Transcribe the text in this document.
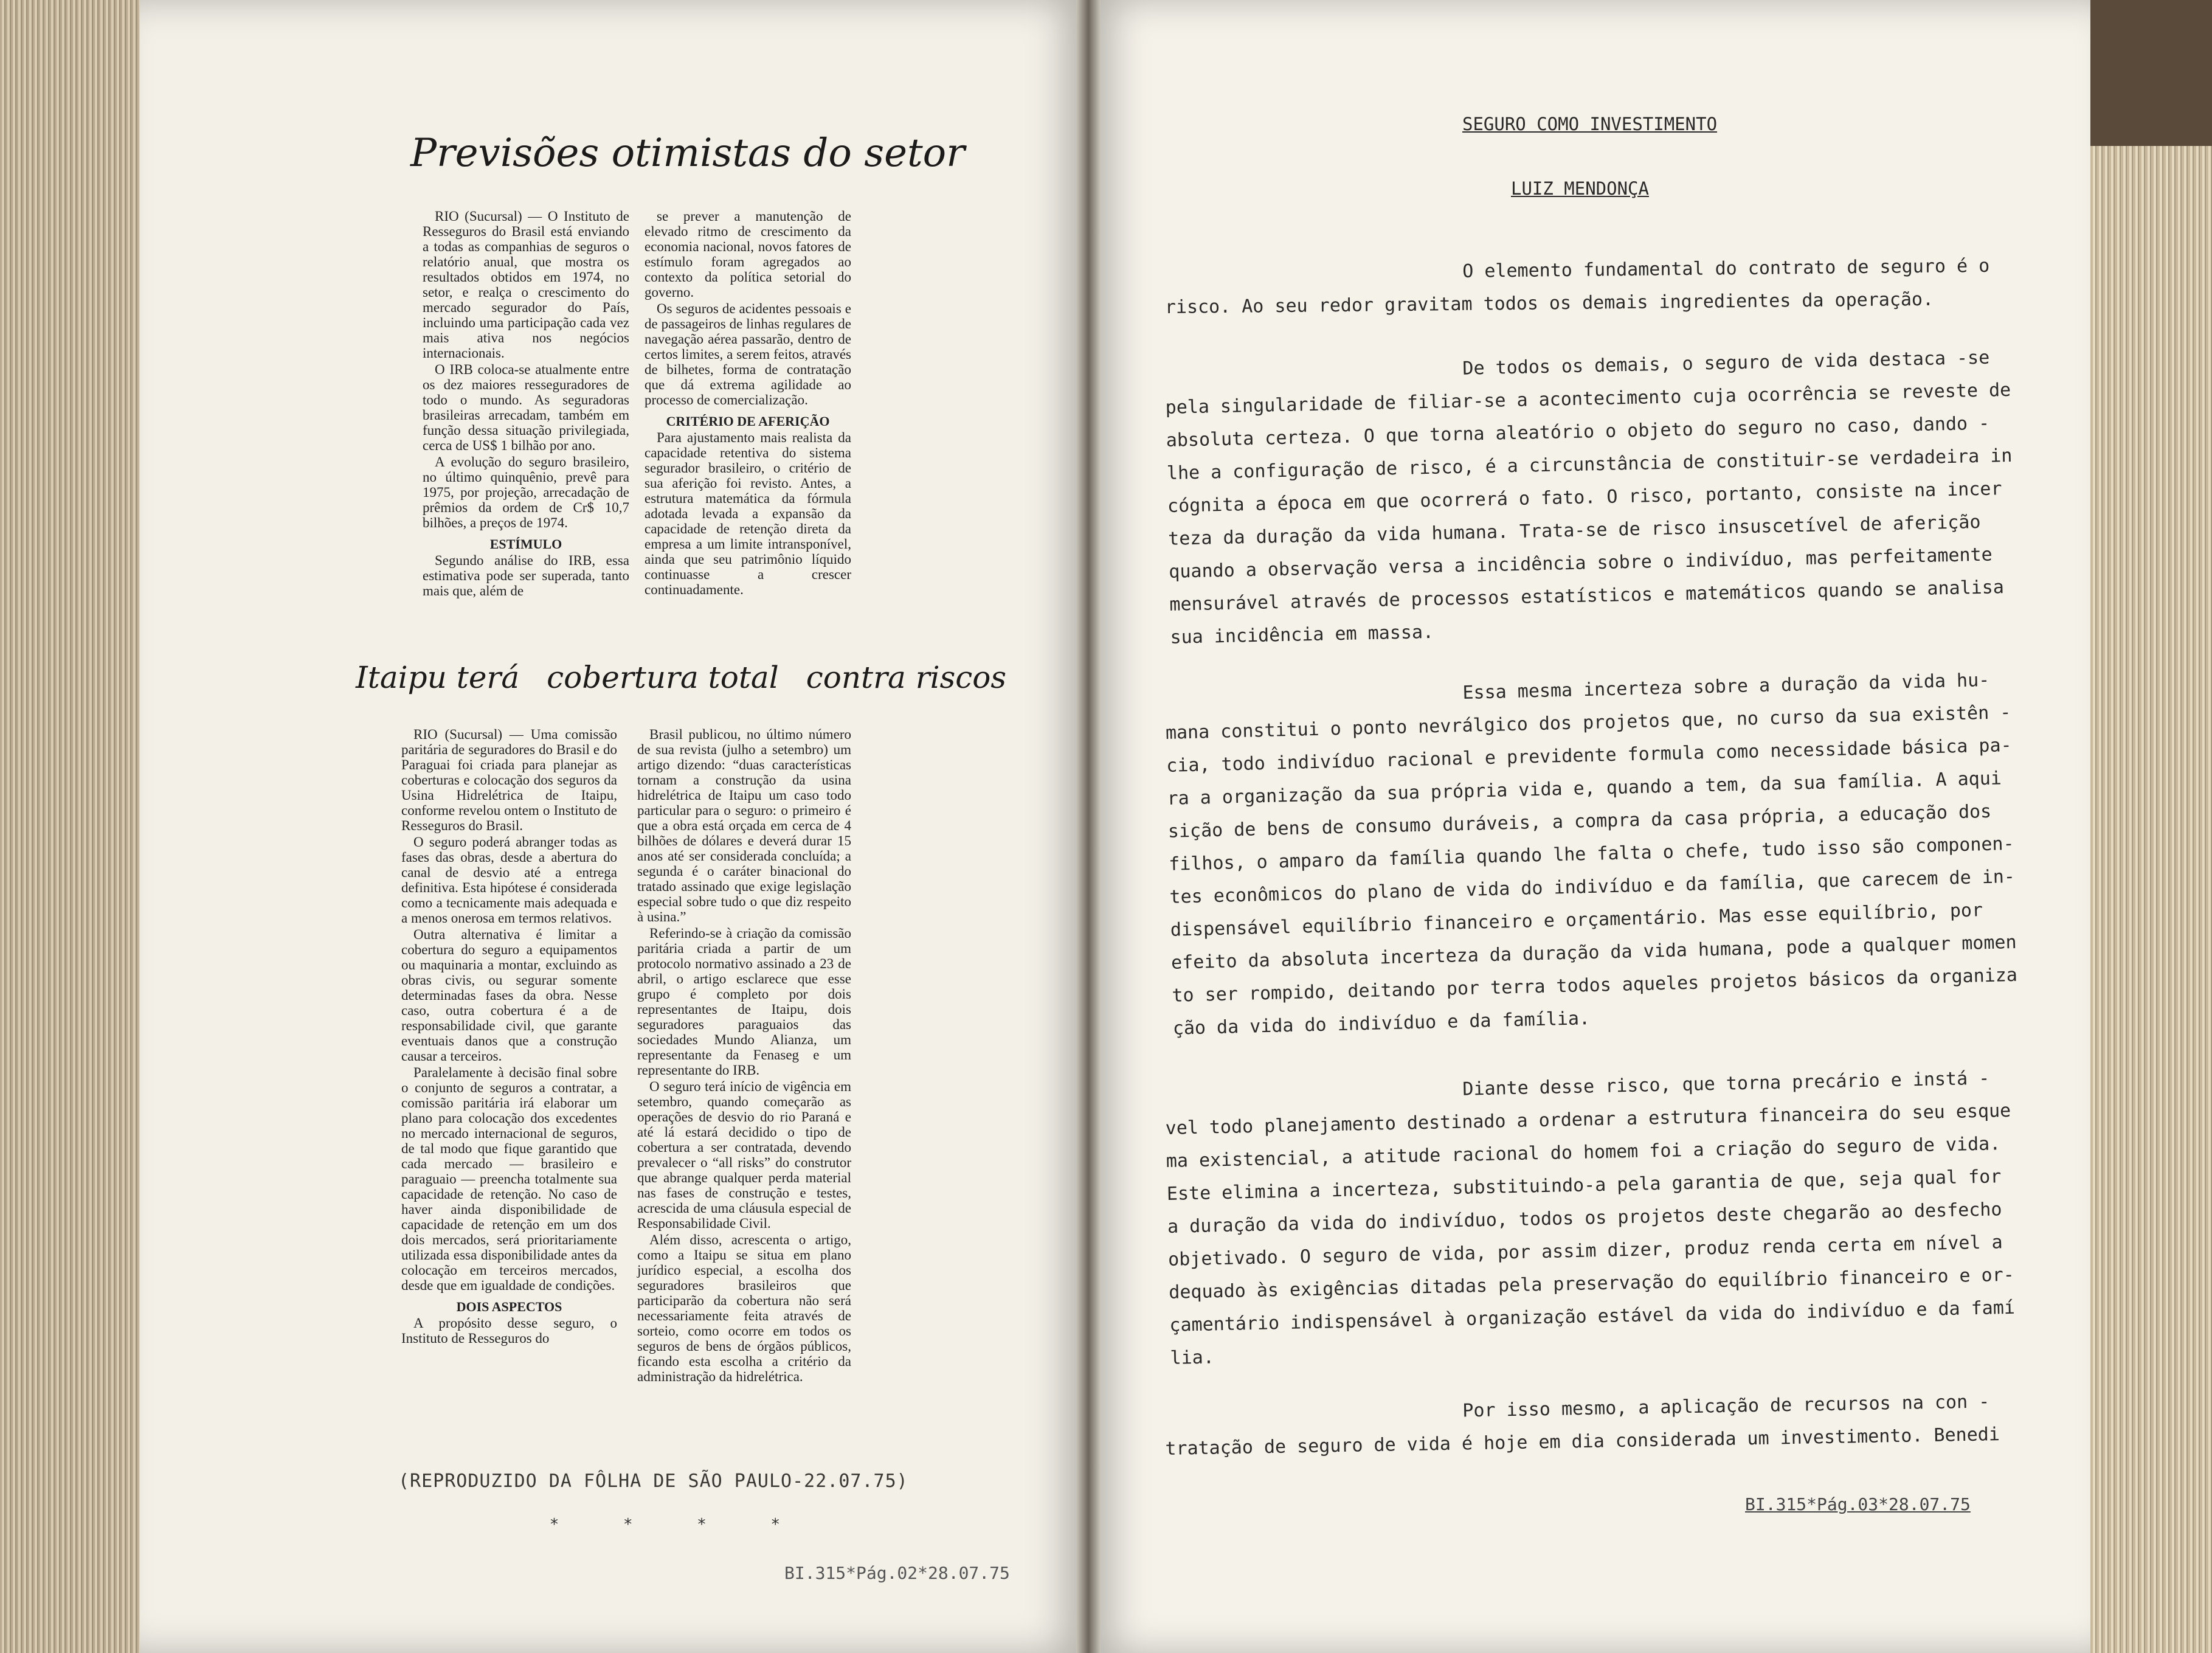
Previsões otimistas do setor

RIO (Sucursal) — O Instituto de Resseguros do Brasil está enviando a todas as companhias de seguros o relatório anual, que mostra os resultados obtidos em 1974, no setor, e realça o crescimento do mercado segurador do País, incluindo uma participação cada vez mais ativa nos negócios internacionais.

O IRB coloca-se atualmente entre os dez maiores resseguradores de todo o mundo. As seguradoras brasileiras arrecadam, também em função dessa situação privilegiada, cerca de US$ 1 bilhão por ano.

A evolução do seguro brasileiro, no último quinquênio, prevê para 1975, por projeção, arrecadação de prêmios da ordem de Cr$ 10,7 bilhões, a preços de 1974.

ESTÍMULO

Segundo análise do IRB, essa estimativa pode ser superada, tanto mais que, além de

se prever a manutenção de elevado ritmo de crescimento da economia nacional, novos fatores de estímulo foram agregados ao contexto da política setorial do governo.

Os seguros de acidentes pessoais e de passageiros de linhas regulares de navegação aérea passarão, dentro de certos limites, a serem feitos, através de bilhetes, forma de contratação que dá extrema agilidade ao processo de comercialização.

CRITÉRIO DE AFERIÇÃO

Para ajustamento mais realista da capacidade retentiva do sistema segurador brasileiro, o critério de sua aferição foi revisto. Antes, a estrutura matemática da fórmula adotada levada a expansão da capacidade de retenção direta da empresa a um limite intransponível, ainda que seu patrimônio líquido continuasse a crescer continuadamente.

Itaipu terá cobertura total contra riscos

RIO (Sucursal) — Uma comissão paritária de seguradores do Brasil e do Paraguai foi criada para planejar as coberturas e colocação dos seguros da Usina Hidrelétrica de Itaipu, conforme revelou ontem o Instituto de Resseguros do Brasil.

O seguro poderá abranger todas as fases das obras, desde a abertura do canal de desvio até a entrega definitiva. Esta hipótese é considerada como a tecnicamente mais adequada e a menos onerosa em termos relativos.

Outra alternativa é limitar a cobertura do seguro a equipamentos ou maquinaria a montar, excluindo as obras civis, ou segurar somente determinadas fases da obra. Nesse caso, outra cobertura é a de responsabilidade civil, que garante eventuais danos que a construção causar a terceiros.

Paralelamente à decisão final sobre o conjunto de seguros a contratar, a comissão paritária irá elaborar um plano para colocação dos excedentes no mercado internacional de seguros, de tal modo que fique garantido que cada mercado — brasileiro e paraguaio — preencha totalmente sua capacidade de retenção. No caso de haver ainda disponibilidade de capacidade de retenção em um dos dois mercados, será prioritariamente utilizada essa disponibilidade antes da colocação em terceiros mercados, desde que em igualdade de condições.

DOIS ASPECTOS

A propósito desse seguro, o Instituto de Resseguros do

Brasil publicou, no último número de sua revista (julho a setembro) um artigo dizendo: “duas características tornam a construção da usina hidrelétrica de Itaipu um caso todo particular para o seguro: o primeiro é que a obra está orçada em cerca de 4 bilhões de dólares e deverá durar 15 anos até ser considerada concluída; a segunda é o caráter binacional do tratado assinado que exige legislação especial sobre tudo o que diz respeito à usina.”

Referindo-se à criação da comissão paritária criada a partir de um protocolo normativo assinado a 23 de abril, o artigo esclarece que esse grupo é completo por dois representantes de Itaipu, dois seguradores paraguaios das sociedades Mundo Alianza, um representante da Fenaseg e um representante do IRB.

O seguro terá início de vigência em setembro, quando começarão as operações de desvio do rio Paraná e até lá estará decidido o tipo de cobertura a ser contratada, devendo prevalecer o “all risks” do construtor que abrange qualquer perda material nas fases de construção e testes, acrescida de uma cláusula especial de Responsabilidade Civil.

Além disso, acrescenta o artigo, como a Itaipu se situa em plano jurídico especial, a escolha dos seguradores brasileiros que participarão da cobertura não será necessariamente feita através de sorteio, como ocorre em todos os seguros de bens de órgãos públicos, ficando esta escolha a critério da administração da hidrelétrica.

(REPRODUZIDO DA FÔLHA DE SÃO PAULO-22.07.75)
* * * *
BI.315*Pág.02*28.07.75
SEGURO COMO INVESTIMENTO
LUIZ MENDONÇA
O elemento fundamental do contrato de seguro é o
risco. Ao seu redor gravitam todos os demais ingredientes da operação.
De todos os demais, o seguro de vida destaca -se
pela singularidade de filiar-se a acontecimento cuja ocorrência se reveste de
absoluta certeza. O que torna aleatório o objeto do seguro no caso, dando -
lhe a configuração de risco, é a circunstância de constituir-se verdadeira in
cógnita a época em que ocorrerá o fato. O risco, portanto, consiste na incer
teza da duração da vida humana. Trata-se de risco insuscetível de aferição
quando a observação versa a incidência sobre o indivíduo, mas perfeitamente
mensurável através de processos estatísticos e matemáticos quando se analisa
sua incidência em massa.
Essa mesma incerteza sobre a duração da vida hu-
mana constitui o ponto nevrálgico dos projetos que, no curso da sua existên -
cia, todo indivíduo racional e previdente formula como necessidade básica pa-
ra a organização da sua própria vida e, quando a tem, da sua família. A aqui
sição de bens de consumo duráveis, a compra da casa própria, a educação dos
filhos, o amparo da família quando lhe falta o chefe, tudo isso são componen-
tes econômicos do plano de vida do indivíduo e da família, que carecem de in-
dispensável equilíbrio financeiro e orçamentário. Mas esse equilíbrio, por
efeito da absoluta incerteza da duração da vida humana, pode a qualquer momen
to ser rompido, deitando por terra todos aqueles projetos básicos da organiza
ção da vida do indivíduo e da família.
Diante desse risco, que torna precário e instá -
vel todo planejamento destinado a ordenar a estrutura financeira do seu esque
ma existencial, a atitude racional do homem foi a criação do seguro de vida.
Este elimina a incerteza, substituindo-a pela garantia de que, seja qual for
a duração da vida do indivíduo, todos os projetos deste chegarão ao desfecho
objetivado. O seguro de vida, por assim dizer, produz renda certa em nível a
dequado às exigências ditadas pela preservação do equilíbrio financeiro e or-
çamentário indispensável à organização estável da vida do indivíduo e da famí
lia.
Por isso mesmo, a aplicação de recursos na con -
tratação de seguro de vida é hoje em dia considerada um investimento. Benedi
BI.315*Pág.03*28.07.75
